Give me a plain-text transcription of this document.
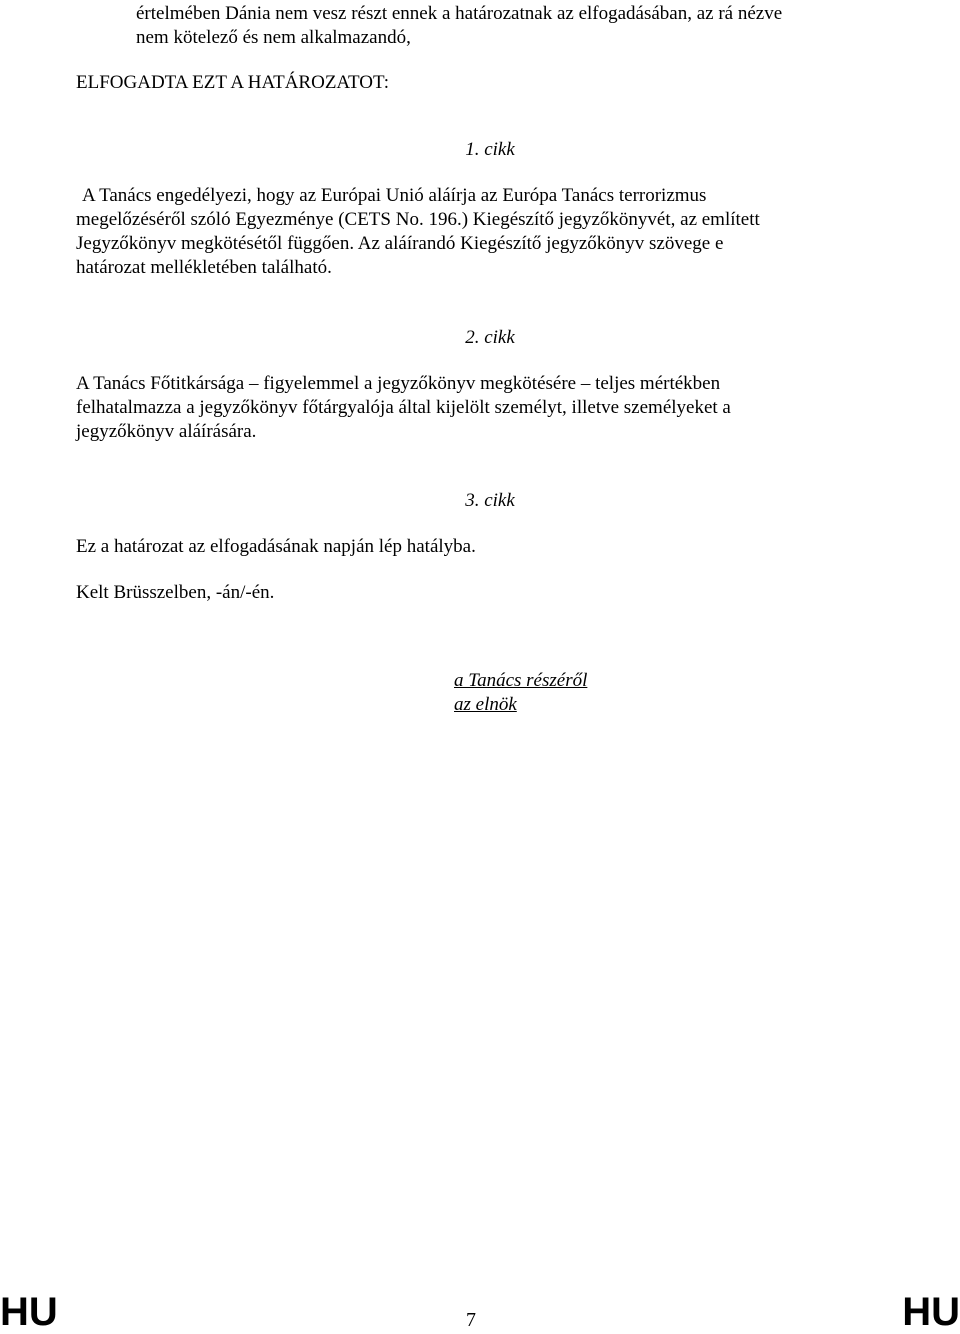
értelmében Dánia nem vesz részt ennek a határozatnak az elfogadásában, az rá nézve
nem kötelező és nem alkalmazandó,
ELFOGADTA EZT A HATÁROZATOT:
1. cikk
A Tanács engedélyezi, hogy az Európai Unió aláírja az Európa Tanács terrorizmus
megelőzéséről szóló Egyezménye (CETS No. 196.) Kiegészítő jegyzőkönyvét, az említett
Jegyzőkönyv megkötésétől függően. Az aláírandó Kiegészítő jegyzőkönyv szövege e
határozat mellékletében található.
2. cikk
A Tanács Főtitkársága – figyelemmel a jegyzőkönyv megkötésére – teljes mértékben
felhatalmazza a jegyzőkönyv főtárgyalója által kijelölt személyt, illetve személyeket a
jegyzőkönyv aláírására.
3. cikk
Ez a határozat az elfogadásának napján lép hatályba.
Kelt Brüsszelben, -án/-én.
a Tanács részéről
az elnök
HU	7	HU
